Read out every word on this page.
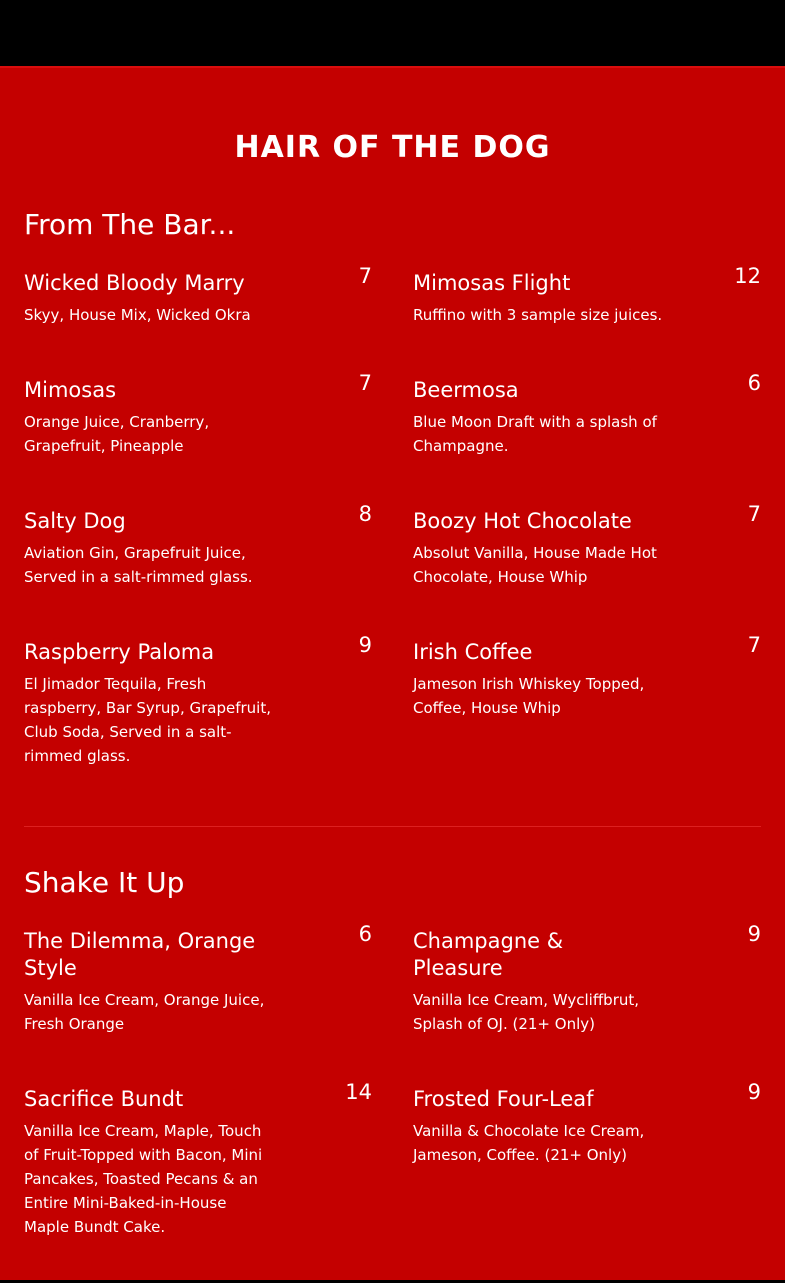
HAIR OF THE DOG
From The Bar...
Wicked Bloody Marry	7
Skyy, House Mix, Wicked Okra
Mimosas Flight	12
Ruffino with 3 sample size juices.
Mimosas	7
Orange Juice, Cranberry, Grapefruit, Pineapple
Beermosa	6
Blue Moon Draft with a splash of Champagne.
Salty Dog	8
Aviation Gin, Grapefruit Juice, Served in a salt-rimmed glass.
Boozy Hot Chocolate	7
Absolut Vanilla, House Made Hot Chocolate, House Whip
Raspberry Paloma	9
El Jimador Tequila, Fresh raspberry, Bar Syrup, Grapefruit, Club Soda, Served in a salt-rimmed glass.
Irish Coffee	7
Jameson Irish Whiskey Topped, Coffee, House Whip
Shake It Up
The Dilemma, Orange Style
6
Vanilla Ice Cream, Orange Juice, Fresh Orange
Champagne & Pleasure
9
Vanilla Ice Cream, Wycliffbrut, Splash of OJ. (21+ Only)
Sacrifice Bundt	14
Vanilla Ice Cream, Maple, Touch of Fruit-Topped with Bacon, Mini Pancakes, Toasted Pecans & an Entire Mini-Baked-in-House Maple Bundt Cake.
Frosted Four-Leaf	9
Vanilla & Chocolate Ice Cream, Jameson, Coffee. (21+ Only)
